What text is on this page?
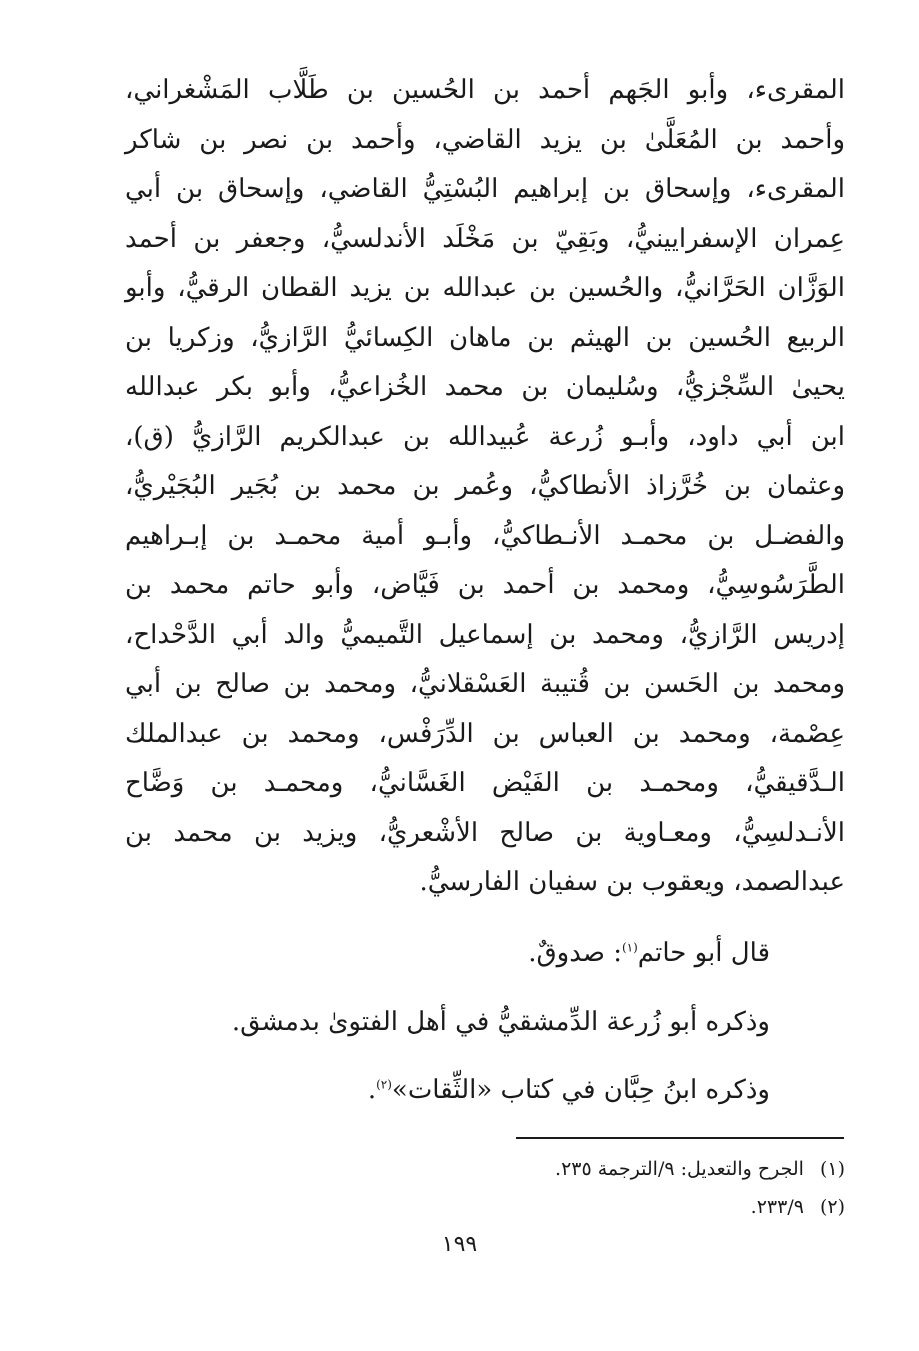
المقرىء، وأبو الجَهم أحمد بن الحُسين بن طَلَّاب المَشْغراني،
وأحمد بن المُعَلَّىٰ بن يزيد القاضي، وأحمد بن نصر بن شاكر
المقرىء، وإسحاق بن إبراهيم البُسْتِيُّ القاضي، وإسحاق بن أبي
عِمران الإسفرايينيُّ، وبَقِيّ بن مَخْلَد الأندلسيُّ، وجعفر بن أحمد
الوَزَّان الحَرَّانيُّ، والحُسين بن عبدالله بن يزيد القطان الرقيُّ، وأبو
الربيع الحُسين بن الهيثم بن ماهان الكِسائيُّ الرَّازيُّ، وزكريا بن
يحيىٰ السِّجْزيُّ، وسُليمان بن محمد الخُزاعيُّ، وأبو بكر عبدالله
ابن أبي داود، وأبـو زُرعة عُبيدالله بن عبدالكريم الرَّازيُّ (ق)،
وعثمان بن خُرَّزاذ الأنطاكيُّ، وعُمر بن محمد بن بُجَير البُجَيْريُّ،
والفضـل بن محمـد الأنـطاكيُّ، وأبـو أمية محمـد بن إبـراهيم
الطَّرَسُوسِيُّ، ومحمد بن أحمد بن فَيَّاض، وأبو حاتم محمد بن
إدريس الرَّازيُّ، ومحمد بن إسماعيل التَّميميُّ والد أبي الدَّحْداح،
ومحمد بن الحَسن بن قُتيبة العَسْقلانيُّ، ومحمد بن صالح بن أبي
عِصْمة، ومحمد بن العباس بن الدِّرَفْس، ومحمد بن عبدالملك
الـدَّقيقيُّ، ومحمـد بن الفَيْض الغَسَّانيُّ، ومحمـد بن وَضَّاح
الأنـدلسِيُّ، ومعـاوية بن صالح الأشْعريُّ، ويزيد بن محمد بن
عبدالصمد، ويعقوب بن سفيان الفارسيُّ.

قال أبو حاتم$^{(١)}$: صدوقٌ.

وذكره أبو زُرعة الدِّمشقيُّ في أهل الفتوىٰ بدمشق.

وذكره ابنُ حِبَّان في كتاب «الثِّقات»$^{(٢)}$.

(١)الجرح والتعديل: ٩/الترجمة ٢٣٥.

(٢)٢٣٣/٩.

١٩٩
